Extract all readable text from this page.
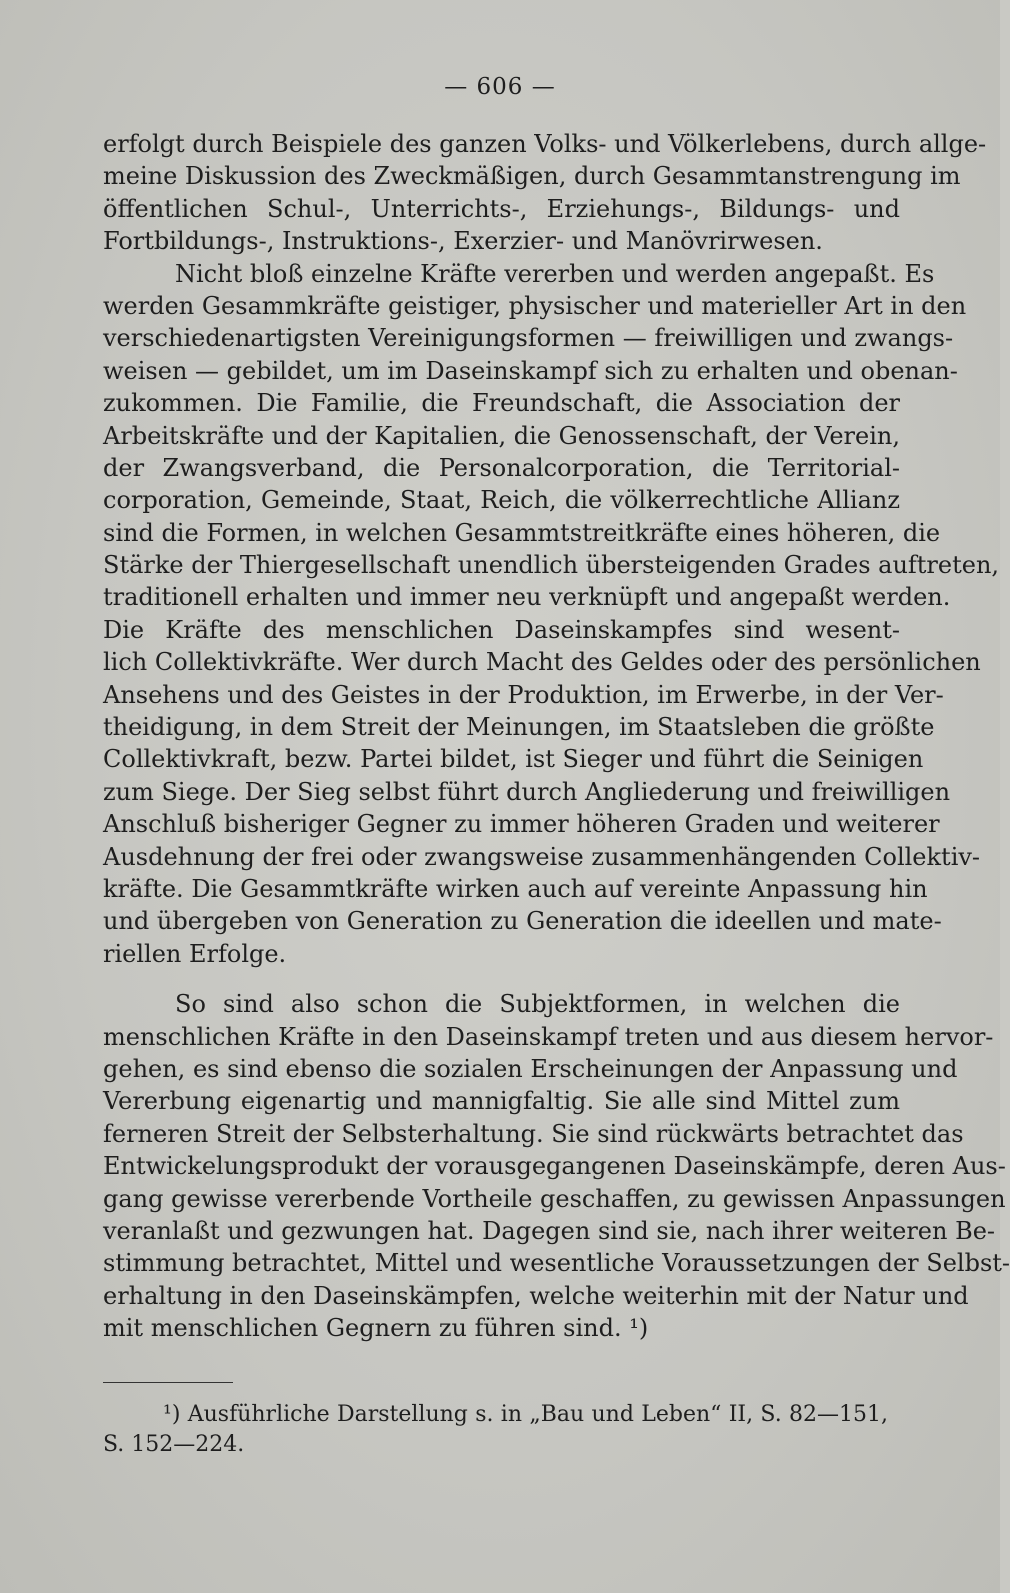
— 606 —
erfolgt durch Beispiele des ganzen Volks- und Völkerlebens, durch allge-
meine Diskussion des Zweckmäßigen, durch Gesammtanstrengung im
öffentlichen Schul-, Unterrichts-, Erziehungs-, Bildungs- und
Fortbildungs-, Instruktions-, Exerzier- und Manövrirwesen.
Nicht bloß einzelne Kräfte vererben und werden angepaßt. Es
werden Gesammkräfte geistiger, physischer und materieller Art in den
verschiedenartigsten Vereinigungsformen — freiwilligen und zwangs-
weisen — gebildet, um im Daseinskampf sich zu erhalten und obenan-
zukommen. Die Familie, die Freundschaft, die Association der
Arbeitskräfte und der Kapitalien, die Genossenschaft, der Verein,
der Zwangsverband, die Personalcorporation, die Territorial-
corporation, Gemeinde, Staat, Reich, die völkerrechtliche Allianz
sind die Formen, in welchen Gesammtstreitkräfte eines höheren, die
Stärke der Thiergesellschaft unendlich übersteigenden Grades auftreten,
traditionell erhalten und immer neu verknüpft und angepaßt werden.
Die Kräfte des menschlichen Daseinskampfes sind wesent-
lich Collektivkräfte. Wer durch Macht des Geldes oder des persönlichen
Ansehens und des Geistes in der Produktion, im Erwerbe, in der Ver-
theidigung, in dem Streit der Meinungen, im Staatsleben die größte
Collektivkraft, bezw. Partei bildet, ist Sieger und führt die Seinigen
zum Siege. Der Sieg selbst führt durch Angliederung und freiwilligen
Anschluß bisheriger Gegner zu immer höheren Graden und weiterer
Ausdehnung der frei oder zwangsweise zusammenhängenden Collektiv-
kräfte. Die Gesammtkräfte wirken auch auf vereinte Anpassung hin
und übergeben von Generation zu Generation die ideellen und mate-
riellen Erfolge.
So sind also schon die Subjektformen, in welchen die
menschlichen Kräfte in den Daseinskampf treten und aus diesem hervor-
gehen, es sind ebenso die sozialen Erscheinungen der Anpassung und
Vererbung eigenartig und mannigfaltig. Sie alle sind Mittel zum
ferneren Streit der Selbsterhaltung. Sie sind rückwärts betrachtet das
Entwickelungsprodukt der vorausgegangenen Daseinskämpfe, deren Aus-
gang gewisse vererbende Vortheile geschaffen, zu gewissen Anpassungen
veranlaßt und gezwungen hat. Dagegen sind sie, nach ihrer weiteren Be-
stimmung betrachtet, Mittel und wesentliche Voraussetzungen der Selbst-
erhaltung in den Daseinskämpfen, welche weiterhin mit der Natur und
mit menschlichen Gegnern zu führen sind. ¹)
¹) Ausführliche Darstellung s. in „Bau und Leben“ II, S. 82—151,
S. 152—224.
